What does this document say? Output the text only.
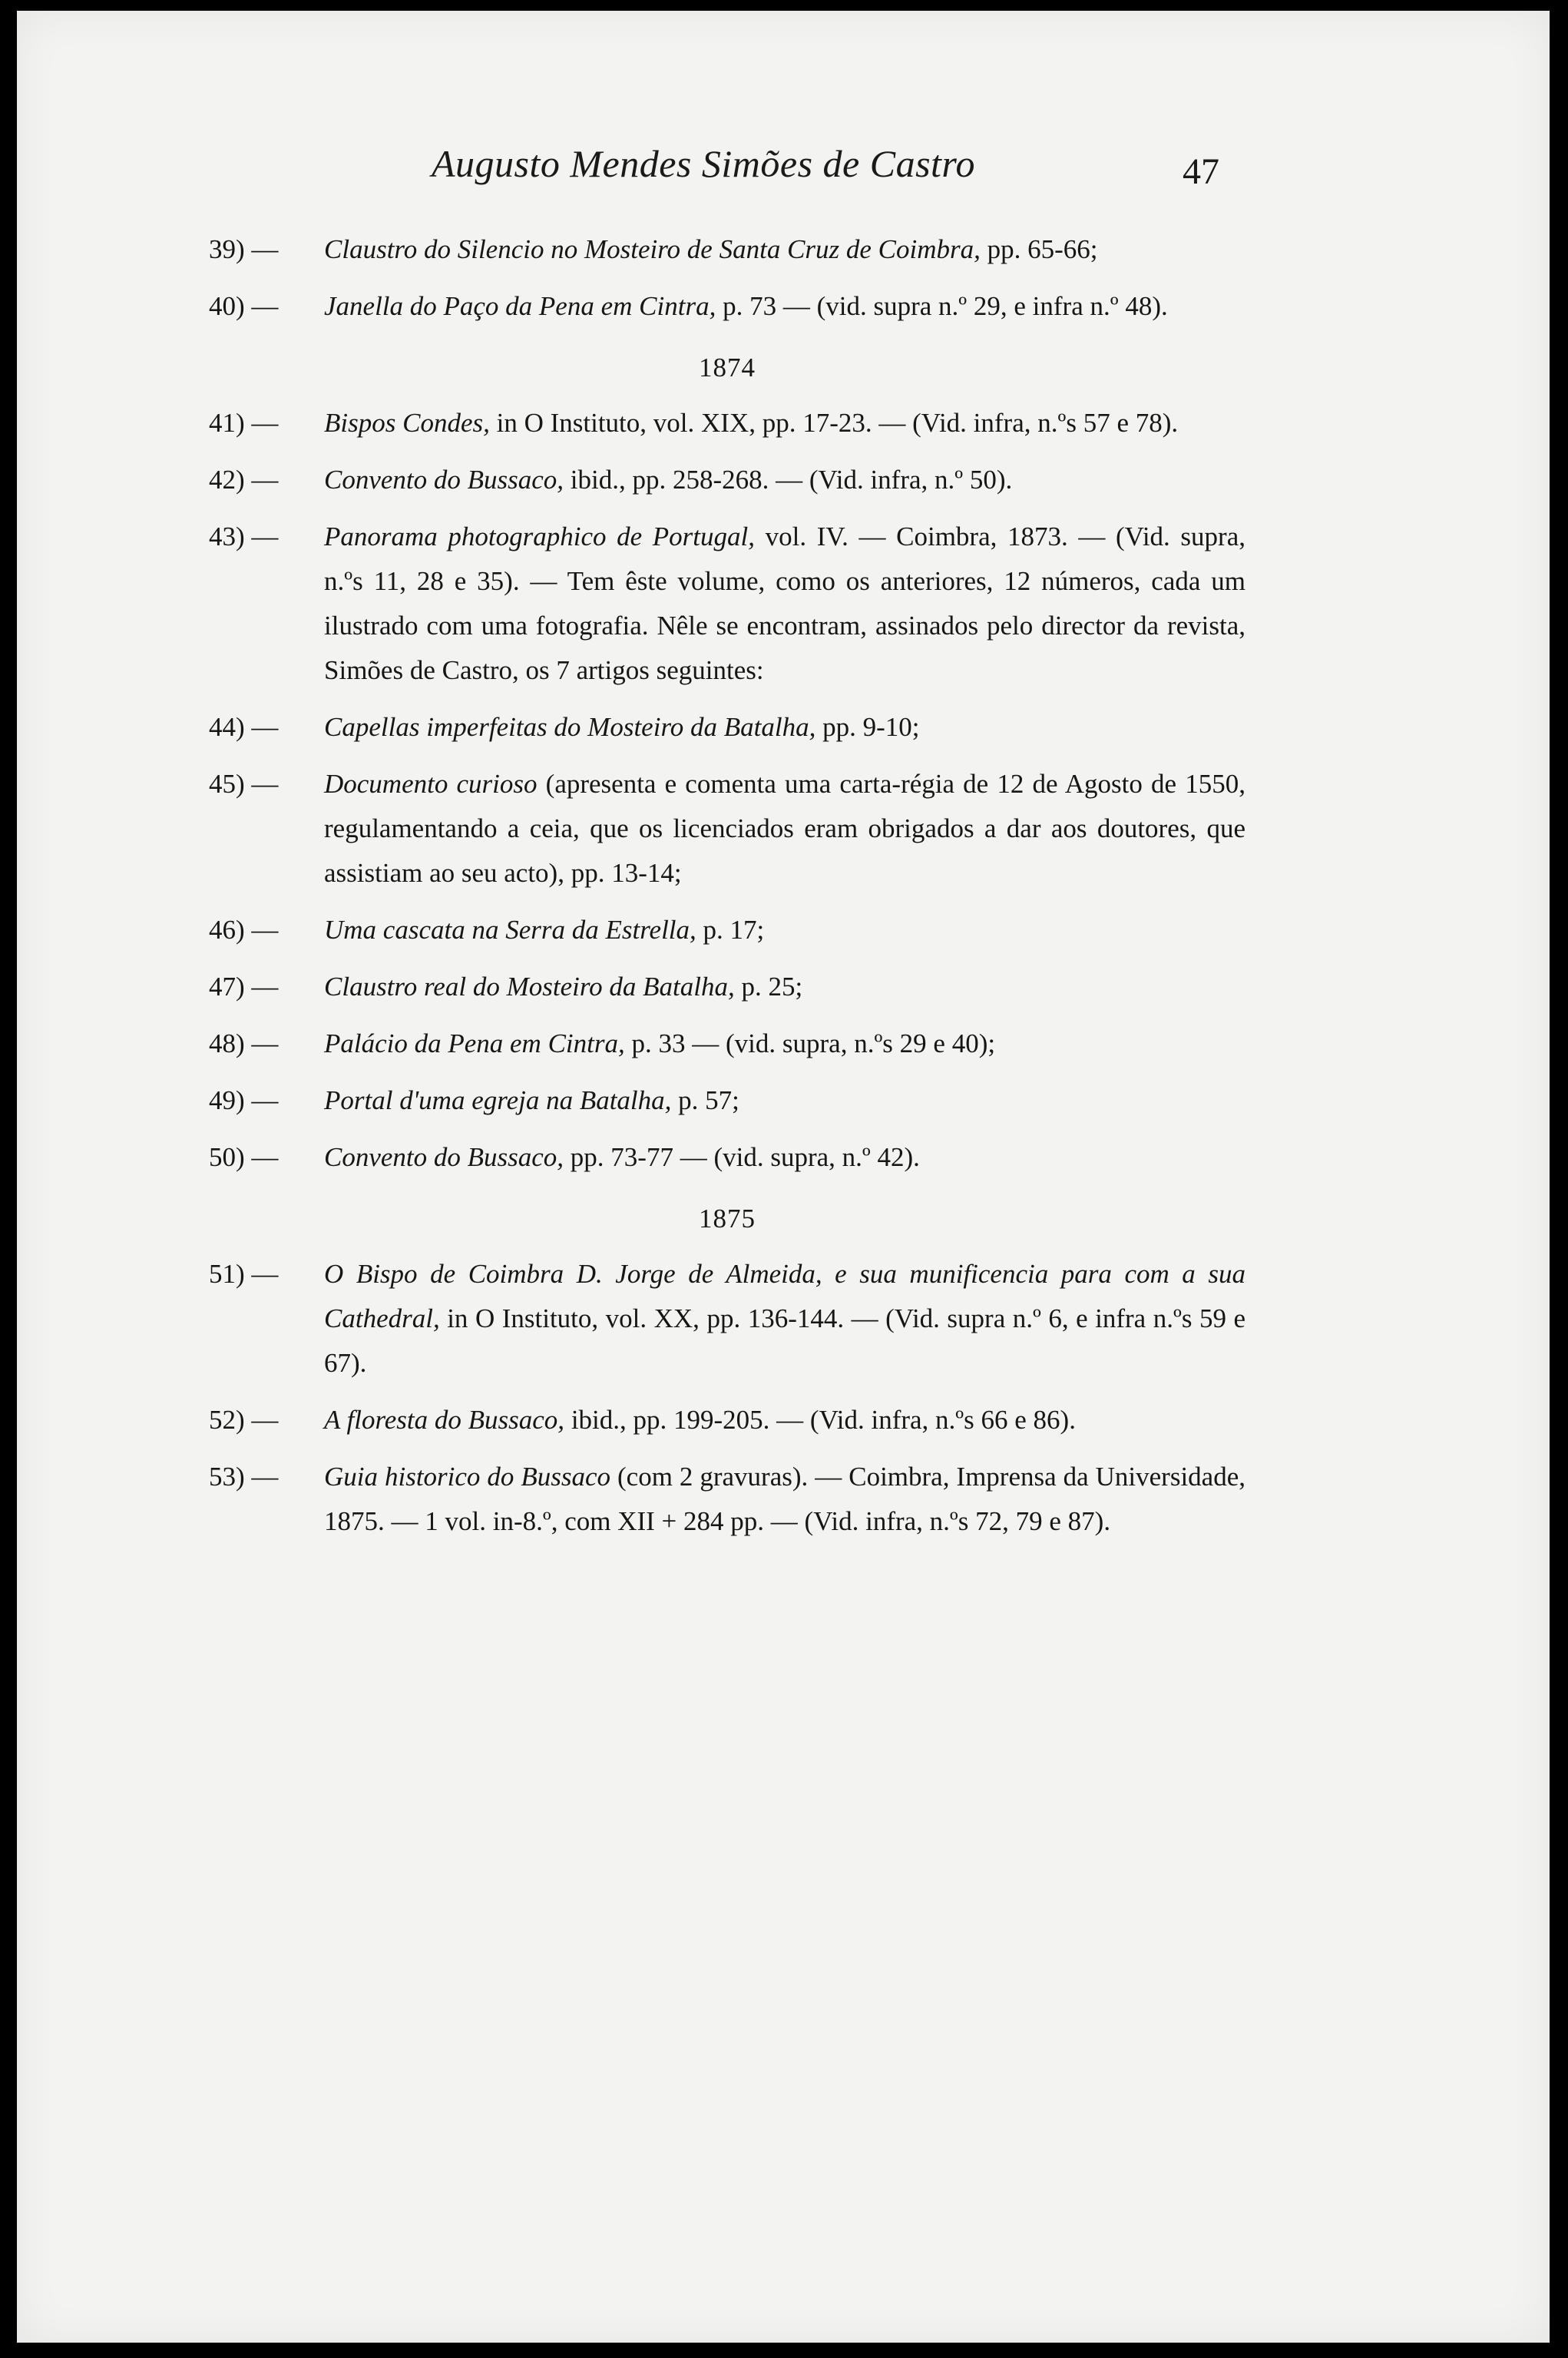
Augusto Mendes Simões de Castro	47

39) — Claustro do Silencio no Mosteiro de Santa Cruz de Coimbra, pp. 65-66;

40) — Janella do Paço da Pena em Cintra, p. 73 — (vid. supra n.º 29, e infra n.º 48).

1874

41) — Bispos Condes, in O Instituto, vol. XIX, pp. 17-23. — (Vid. infra, n.ºs 57 e 78).

42) — Convento do Bussaco, ibid., pp. 258-268. — (Vid. infra, n.º 50).

43) — Panorama photographico de Portugal, vol. IV. — Coimbra, 1873. — (Vid. supra, n.ºs 11, 28 e 35). — Tem êste volume, como os anteriores, 12 números, cada um ilustrado com uma fotografia. Nêle se encontram, assinados pelo director da revista, Simões de Castro, os 7 artigos seguintes:

44) — Capellas imperfeitas do Mosteiro da Batalha, pp. 9-10;

45) — Documento curioso (apresenta e comenta uma carta-régia de 12 de Agosto de 1550, regulamentando a ceia, que os licenciados eram obrigados a dar aos doutores, que assistiam ao seu acto), pp. 13-14;

46) — Uma cascata na Serra da Estrella, p. 17;

47) — Claustro real do Mosteiro da Batalha, p. 25;

48) — Palácio da Pena em Cintra, p. 33 — (vid. supra, n.ºs 29 e 40);

49) — Portal d'uma egreja na Batalha, p. 57;

50) — Convento do Bussaco, pp. 73-77 — (vid. supra, n.º 42).

1875

51) — O Bispo de Coimbra D. Jorge de Almeida, e sua munificencia para com a sua Cathedral, in O Instituto, vol. XX, pp. 136-144. — (Vid. supra n.º 6, e infra n.ºs 59 e 67).

52) — A floresta do Bussaco, ibid., pp. 199-205. — (Vid. infra, n.ºs 66 e 86).

53) — Guia historico do Bussaco (com 2 gravuras). — Coimbra, Imprensa da Universidade, 1875. — 1 vol. in-8.º, com XII + 284 pp. — (Vid. infra, n.ºs 72, 79 e 87).
